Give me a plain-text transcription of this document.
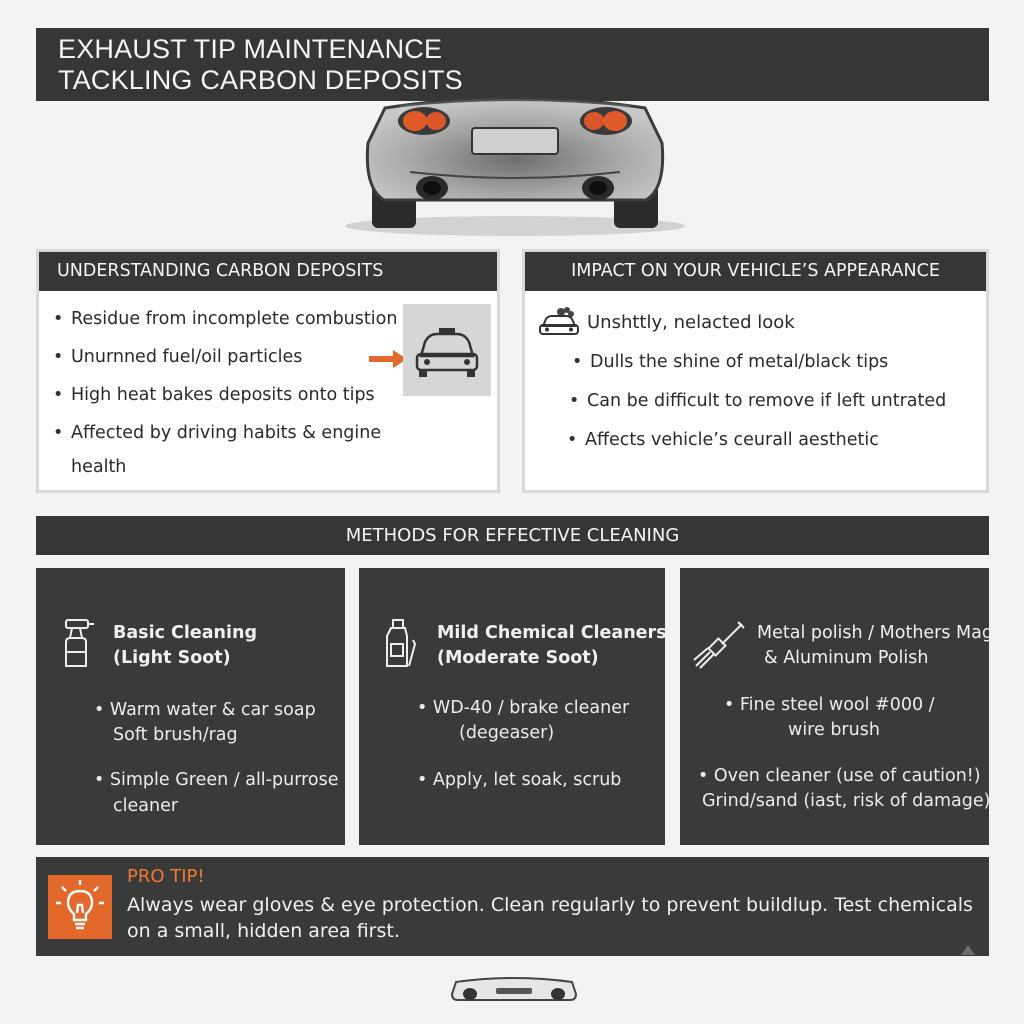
EXHAUST TIP MAINTENANCE
TACKLING CARBON DEPOSITS
UNDERSTANDING CARBON DEPOSITS
• Residue from incomplete combustion
• Unurnned fuel/oil particles
• High heat bakes deposits onto tips
• Affected by driving habits & engine
health
IMPACT ON YOUR VEHICLE’S APPEARANCE
Unshttly, nelacted look
• Dulls the shine of metal/black tips
• Can be difficult to remove if left untrated
• Affects vehicle’s ceurall aesthetic
METHODS FOR EFFECTIVE CLEANING
Basic Cleaning
(Light Soot)
• Warm water & car soap
Soft brush/rag
• Simple Green / all-purrose
cleaner
Mild Chemical Cleaners
(Moderate Soot)
• WD-40 / brake cleaner
(degeaser)
• Apply, let soak, scrub
Metal polish / Mothers Mag
& Aluminum Polish
• Fine steel wool #000 /
wire brush
• Oven cleaner (use of caution!)
Grind/sand (iast, risk of damage)
PRO TIP!
Always wear gloves & eye protection. Clean regularly to prevent buildlup. Test chemicals
on a small, hidden area first.
